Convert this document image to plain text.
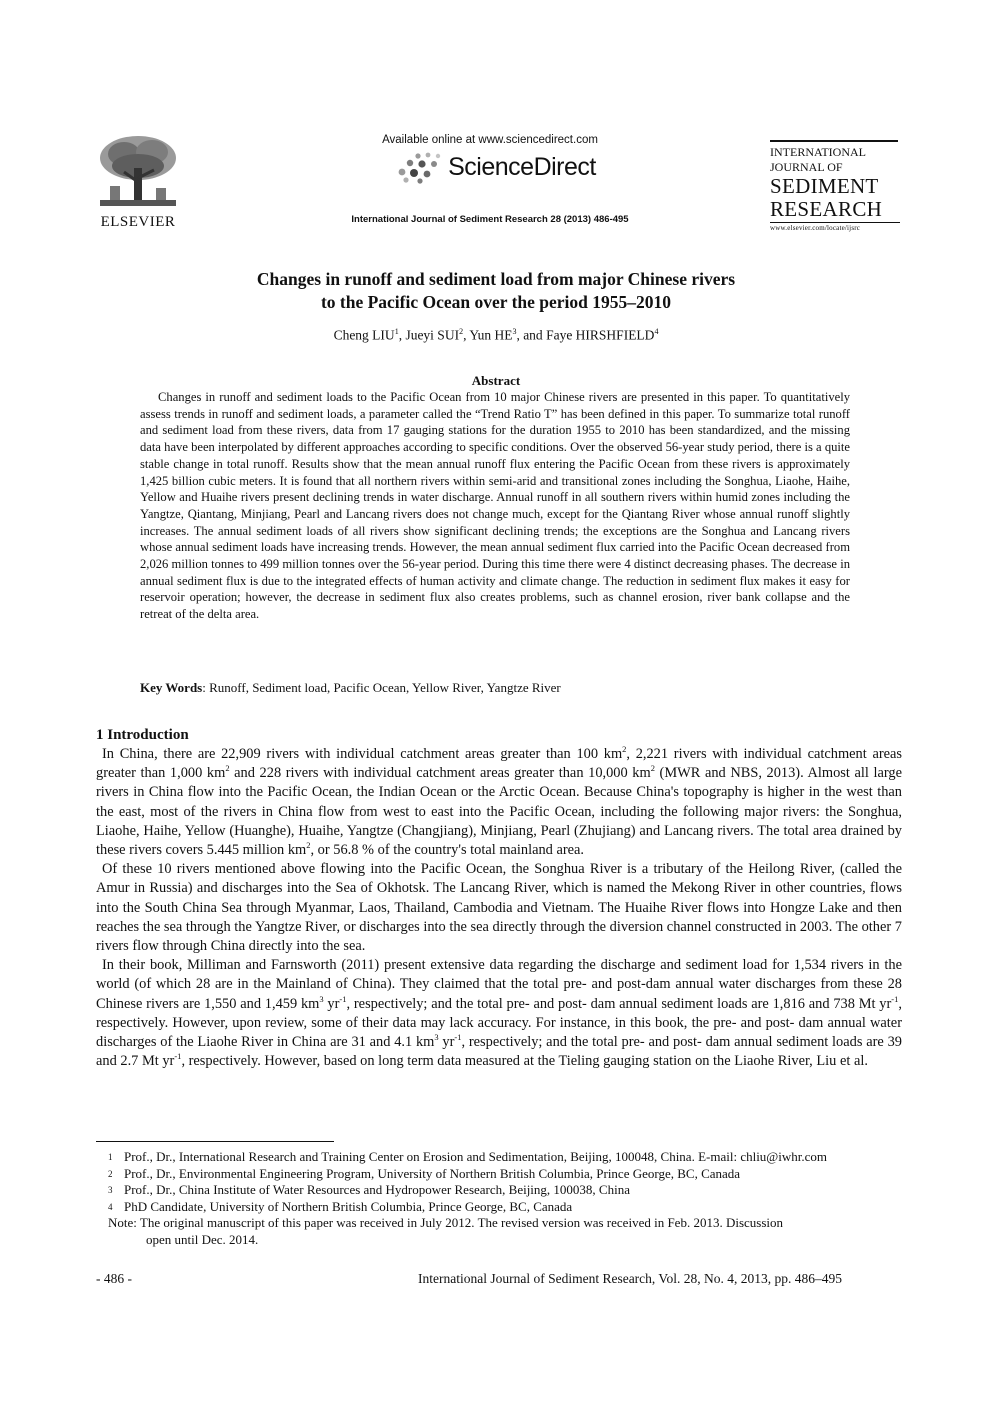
ELSEVIER
Available online at www.sciencedirect.com
ScienceDirect
International Journal of Sediment Research 28 (2013) 486-495
INTERNATIONAL
JOURNAL OF
SEDIMENT
RESEARCH
www.elsevier.com/locate/ijsrc
Changes in runoff and sediment load from major Chinese rivers
to the Pacific Ocean over the period 1955–2010
Cheng LIU$^1$, Jueyi SUI$^2$, Yun $HE^3$, and Faye HIRSHFIELD$^4$
Abstract
Changes in runoff and sediment loads to the Pacific Ocean from 10 major Chinese rivers are presented in this paper. To quantitatively assess trends in runoff and sediment loads, a parameter called the “Trend Ratio T” has been defined in this paper. To summarize total runoff and sediment load from these rivers, data from 17 gauging stations for the duration 1955 to 2010 has been standardized, and the missing data have been interpolated by different approaches according to specific conditions. Over the observed 56-year study period, there is a quite stable change in total runoff. Results show that the mean annual runoff flux entering the Pacific Ocean from these rivers is approximately 1,425 billion cubic meters. It is found that all northern rivers within semi-arid and transitional zones including the Songhua, Liaohe, Haihe, Yellow and Huaihe rivers present declining trends in water discharge. Annual runoff in all southern rivers within humid zones including the Yangtze, Qiantang, Minjiang, Pearl and Lancang rivers does not change much, except for the Qiantang River whose annual runoff slightly increases. The annual sediment loads of all rivers show significant declining trends; the exceptions are the Songhua and Lancang rivers whose annual sediment loads have increasing trends. However, the mean annual sediment flux carried into the Pacific Ocean decreased from 2,026 million tonnes to 499 million tonnes over the 56-year period. During this time there were 4 distinct decreasing phases. The decrease in annual sediment flux is due to the integrated effects of human activity and climate change. The reduction in sediment flux makes it easy for reservoir operation; however, the decrease in sediment flux also creates problems, such as channel erosion, river bank collapse and the retreat of the delta area.
Key Words: Runoff, Sediment load, Pacific Ocean, Yellow River, Yangtze River
1 Introduction

In China, there are 22,909 rivers with individual catchment areas greater than 100 $km^2$, 2,221 rivers with individual catchment areas greater than 1,000 $km^2$ and 228 rivers with individual catchment areas greater than 10,000 $km^2$ (MWR and NBS, 2013). Almost all large rivers in China flow into the Pacific Ocean, the Indian Ocean or the Arctic Ocean. Because China's topography is higher in the west than the east, most of the rivers in China flow from west to east into the Pacific Ocean, including the following major rivers: the Songhua, Liaohe, Haihe, Yellow (Huanghe), Huaihe, Yangtze (Changjiang), Minjiang, Pearl (Zhujiang) and Lancang rivers. The total area drained by these rivers covers 5.445 million $km^2$, or 56.8 % of the country's total mainland area.

Of these 10 rivers mentioned above flowing into the Pacific Ocean, the Songhua River is a tributary of the Heilong River, (called the Amur in Russia) and discharges into the Sea of Okhotsk. The Lancang River, which is named the Mekong River in other countries, flows into the South China Sea through Myanmar, Laos, Thailand, Cambodia and Vietnam. The Huaihe River flows into Hongze Lake and then reaches the sea through the Yangtze River, or discharges into the sea directly through the diversion channel constructed in 2003. The other 7 rivers flow through China directly into the sea.

In their book, Milliman and Farnsworth (2011) present extensive data regarding the discharge and sediment load for 1,534 rivers in the world (of which 28 are in the Mainland of China). They claimed that the total pre- and post-dam annual water discharges from these 28 Chinese rivers are 1,550 and 1,459 $km^3$ $yr^{-1}$, respectively; and the total pre- and post- dam annual sediment loads are 1,816 and 738 Mt $yr^{-1}$, respectively. However, upon review, some of their data may lack accuracy. For instance, in this book, the pre- and post- dam annual water discharges of the Liaohe River in China are 31 and 4.1 $km^3$ $yr^{-1}$, respectively; and the total pre- and post- dam annual sediment loads are 39 and 2.7 Mt $yr^{-1}$, respectively. However, based on long term data measured at the Tieling gauging station on the Liaohe River, Liu et al.

1 Prof., Dr., International Research and Training Center on Erosion and Sedimentation, Beijing, 100048, China. E-mail: chliu@iwhr.com
2 Prof., Dr., Environmental Engineering Program, University of Northern British Columbia, Prince George, BC, Canada
3 Prof., Dr., China Institute of Water Resources and Hydropower Research, Beijing, 100038, China
4 PhD Candidate, University of Northern British Columbia, Prince George, BC, Canada
Note: The original manuscript of this paper was received in July 2012. The revised version was received in Feb. 2013. Discussion
open until Dec. 2014.
- 486 -	International Journal of Sediment Research, Vol. 28, No. 4, 2013, pp. 486–495
